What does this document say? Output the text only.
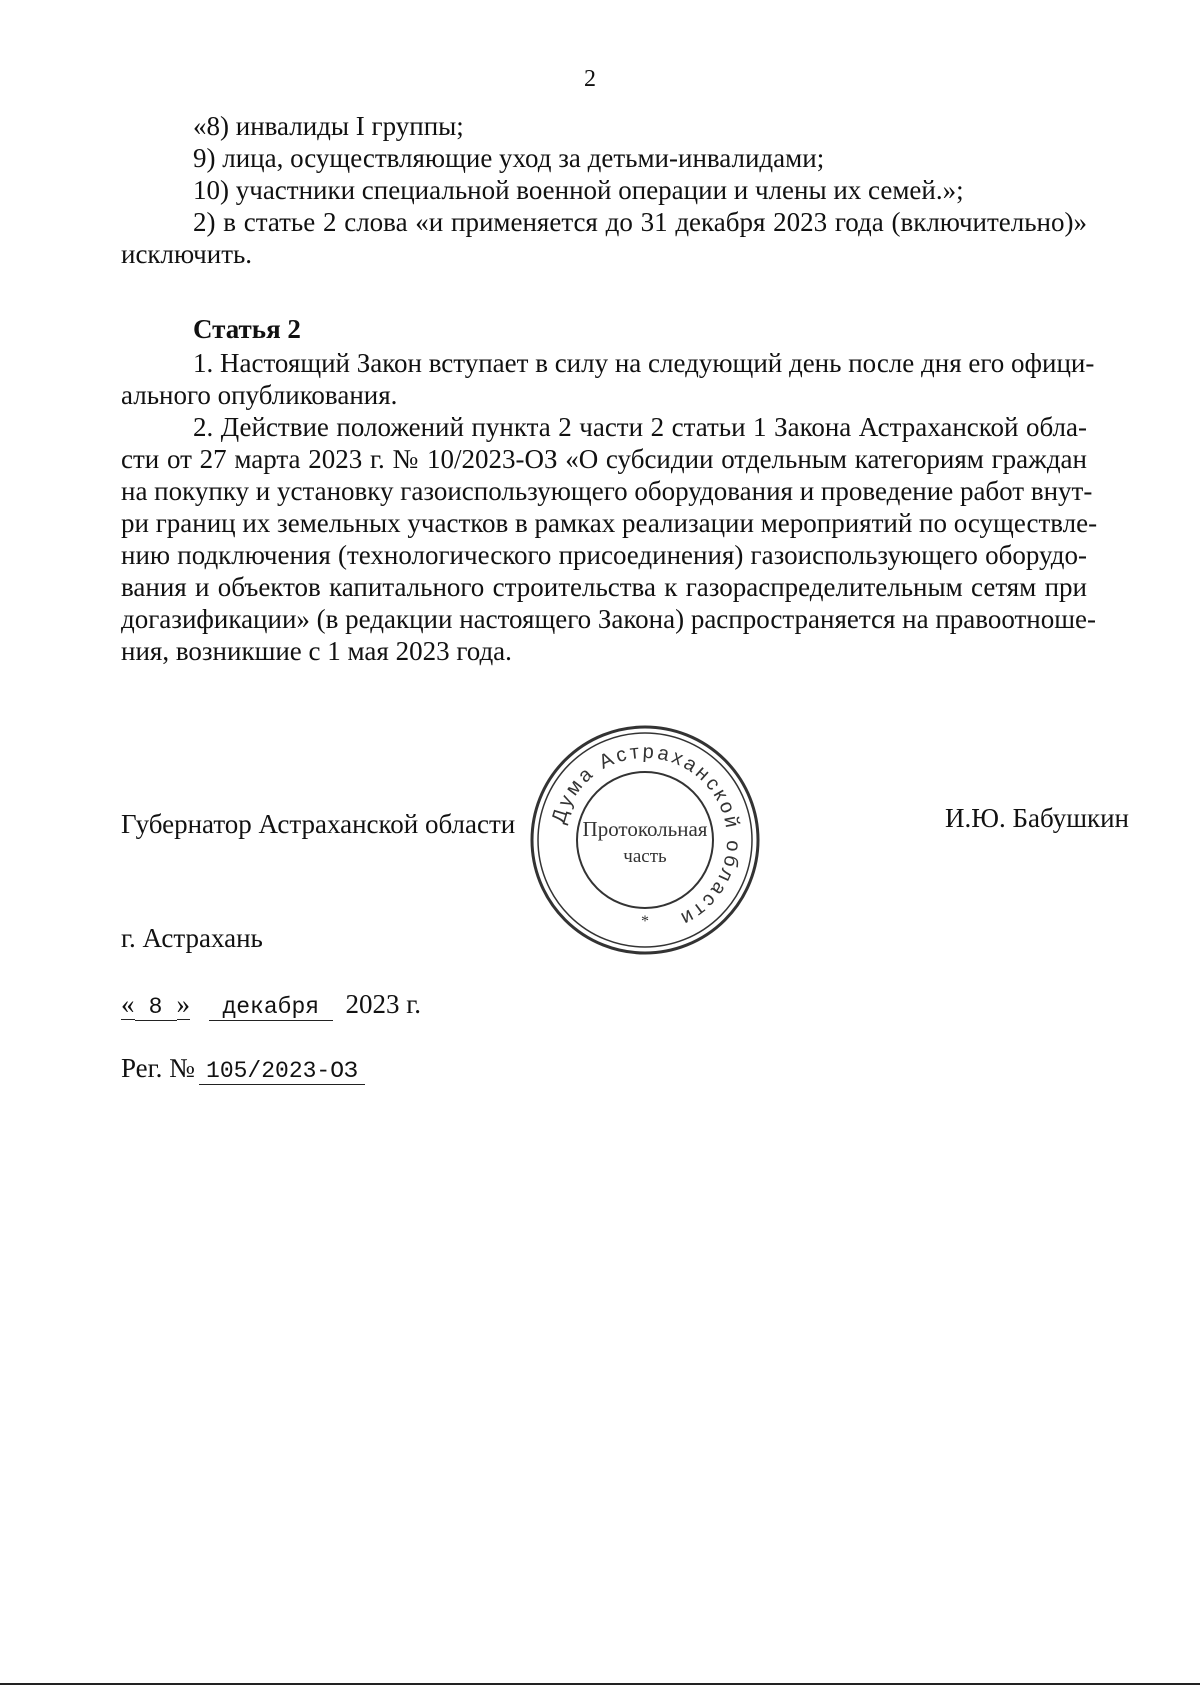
2
«8) инвалиды I группы;
9) лица, осуществляющие уход за детьми-инвалидами;
10) участники специальной военной операции и члены их семей.»;
2) в статье 2 слова «и применяется до 31 декабря 2023 года (включительно)»
исключить.
Статья 2
1. Настоящий Закон вступает в силу на следующий день после дня его офици-
ального опубликования.
2. Действие положений пункта 2 части 2 статьи 1 Закона Астраханской обла-
сти от 27 марта 2023 г. № 10/2023-ОЗ «О субсидии отдельным категориям граждан
на покупку и установку газоиспользующего оборудования и проведение работ внут-
ри границ их земельных участков в рамках реализации мероприятий по осуществле-
нию подключения (технологического присоединения) газоиспользующего оборудо-
вания и объектов капитального строительства к газораспределительным сетям при
догазификации» (в редакции настоящего Закона) распространяется на правоотноше-
ния, возникшие с 1 мая 2023 года.
Губернатор Астраханской области	И.Ю. Бабушкин
Дума Астраханской области
Протокольная
часть
*
г. Астрахань
« 8 » декабря 2023 г.
Рег. № 105/2023-ОЗ
